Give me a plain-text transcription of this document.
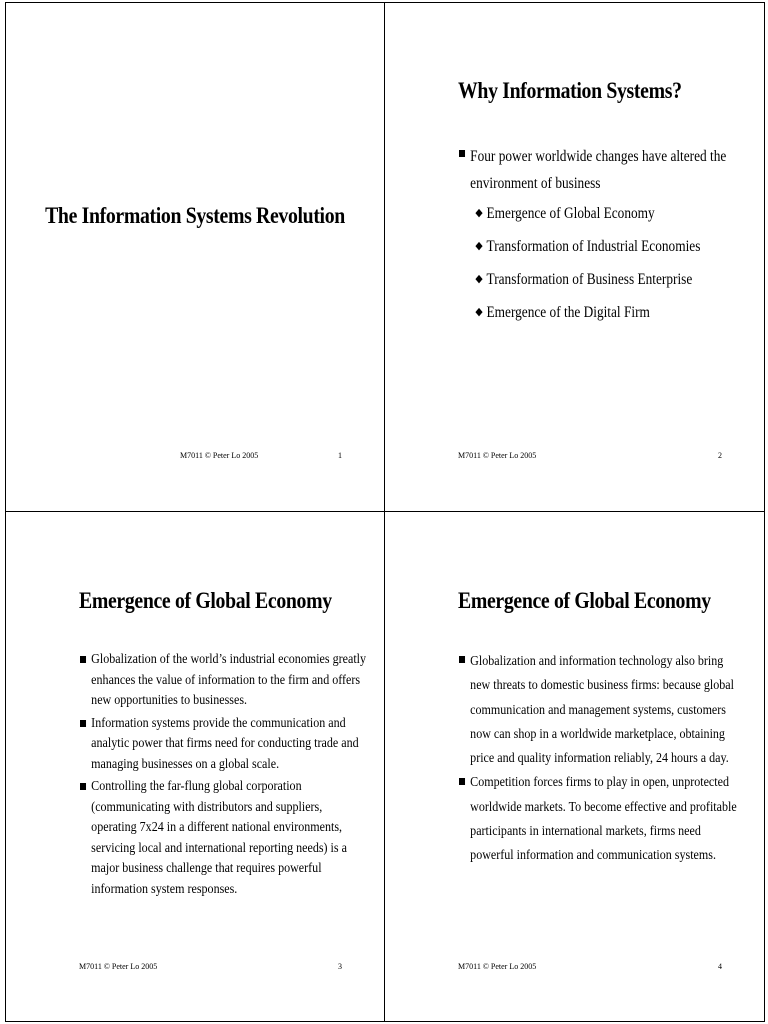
The Information Systems Revolution
M7011 © Peter Lo 2005	1
Why Information Systems?
Four power worldwide changes have altered the environment of business
◆ Emergence of Global Economy
◆ Transformation of Industrial Economies
◆ Transformation of Business Enterprise
◆ Emergence of the Digital Firm
M7011 © Peter Lo 2005	2
Emergence of Global Economy
Globalization of the world’s industrial economies greatly enhances the value of information to the firm and offers new opportunities to businesses.
Information systems provide the communication and analytic power that firms need for conducting trade and managing businesses on a global scale.
Controlling the far-flung global corporation (communicating with distributors and suppliers, operating 7x24 in a different national environments, servicing local and international reporting needs) is a major business challenge that requires powerful information system responses.
M7011 © Peter Lo 2005	3
Emergence of Global Economy
Globalization and information technology also bring new threats to domestic business firms: because global communication and management systems, customers now can shop in a worldwide marketplace, obtaining price and quality information reliably, 24 hours a day.
Competition forces firms to play in open, unprotected worldwide markets. To become effective and profitable participants in international markets, firms need powerful information and communication systems.
M7011 © Peter Lo 2005	4
